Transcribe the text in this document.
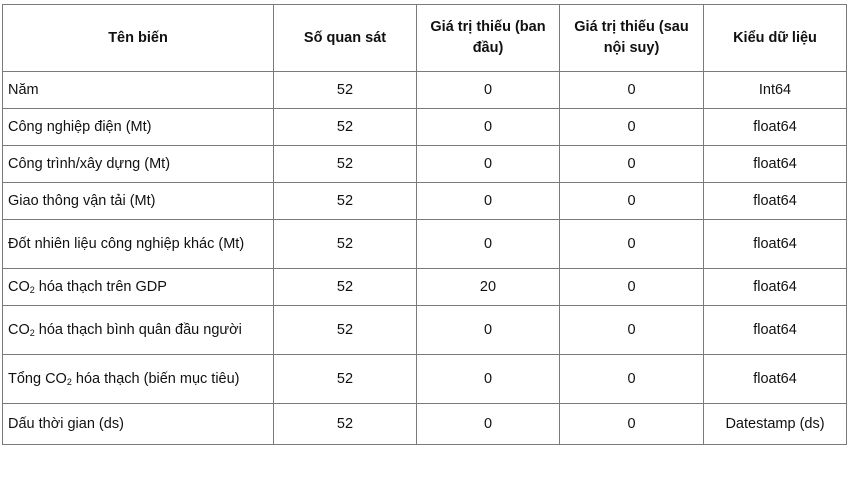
Tên biến	Số quan sát	Giá trị thiếu (ban đầu)	Giá trị thiếu (sau nội suy)	Kiểu dữ liệu
Năm	52	0	0	Int64
Công nghiệp điện (Mt)	52	0	0	float64
Công trình/xây dựng (Mt)	52	0	0	float64
Giao thông vận tải (Mt)	52	0	0	float64
Đốt nhiên liệu công nghiệp khác (Mt)	52	0	0	float64
$CO_2$ hóa thạch trên GDP	52	20	0	float64
$CO_2$ hóa thạch bình quân đầu người	52	0	0	float64
Tổng $CO_2$ hóa thạch (biến mục tiêu)	52	0	0	float64
Dấu thời gian (ds)	52	0	0	Datestamp (ds)
